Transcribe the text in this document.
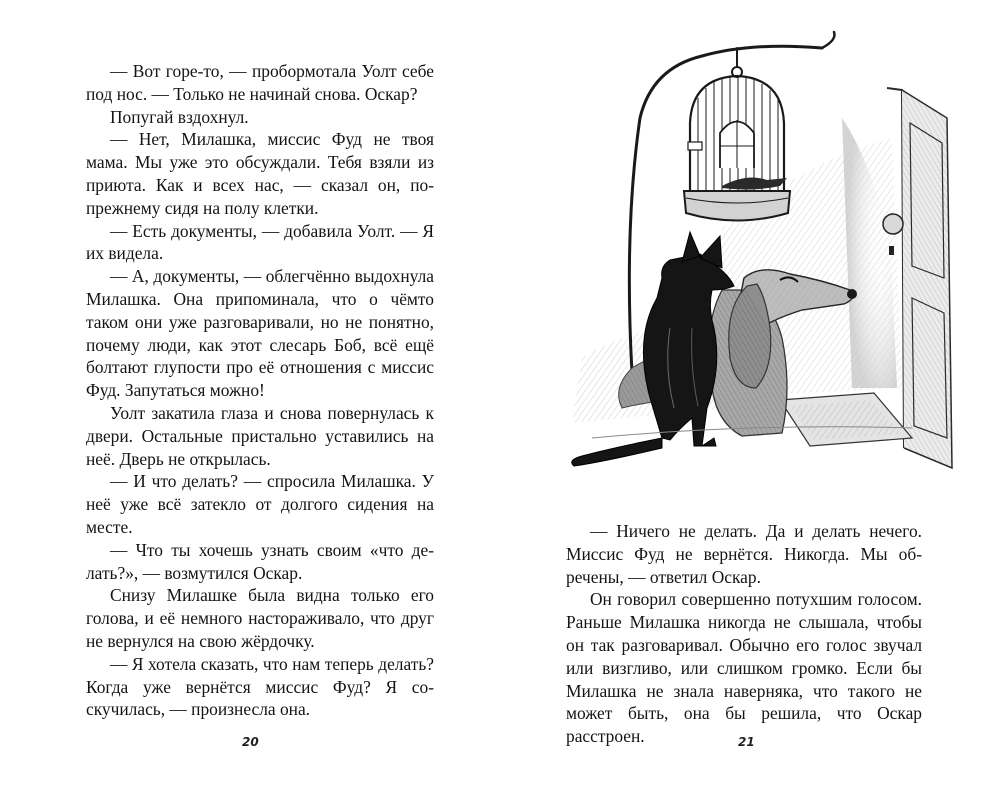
— Вот горе-то, — пробормотала Уолт себе под нос. — Только не начинай снова. Оскар?

Попугай вздохнул.

— Нет, Милашка, миссис Фуд не твоя мама. Мы уже это обсуждали. Тебя взяли из приюта. Как и всех нас, — сказал он, попрежнему сидя на полу клетки.

— Есть документы, — добавила Уолт. — Я их видела.

— А, документы, — облегчённо выдохнула Милашка. Она припоминала, что о чёмто таком они уже разговаривали, но не понятно, почему люди, как этот слесарь Боб, всё ещё болтают глупости про её отношения с миссис Фуд. Запутаться можно!

Уолт закатила глаза и снова повернулась к двери. Остальные пристально уставились на неё. Дверь не открылась.

— И что делать? — спросила Милашка. У неё уже всё затекло от долгого сидения на месте.

— Что ты хочешь узнать своим «что делать?», — возмутился Оскар.

Снизу Милашке была видна только его голова, и её немного настораживало, что друг не вернулся на свою жёрдочку.

— Я хотела сказать, что нам теперь делать? Когда уже вернётся миссис Фуд? Я соскучилась, — произнесла она.

20

— Ничего не делать. Да и делать нечего. Миссис Фуд не вернётся. Никогда. Мы обречены, — ответил Оскар.

Он говорил совершенно потухшим голосом. Раньше Милашка никогда не слышала, чтобы он так разговаривал. Обычно его голос звучал или визгливо, или слишком громко. Если бы Милашка не знала наверняка, что такого не может быть, она бы решила, что Оскар расстроен.	21
